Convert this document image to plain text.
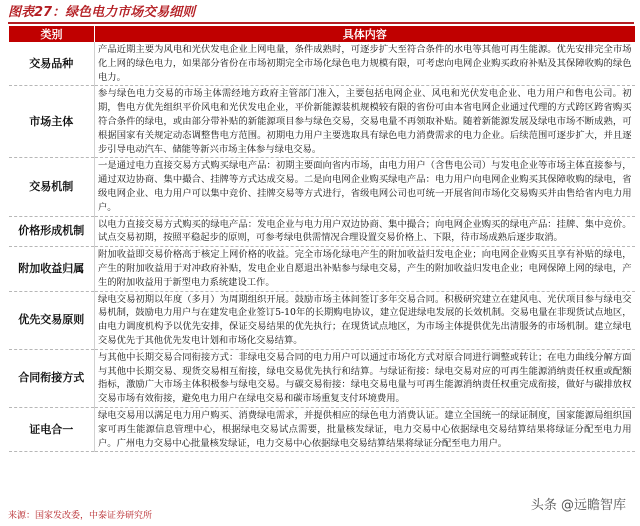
图表27：绿色电力市场交易细则
类别	具体内容
交易品种	产品近期主要为风电和光伏发电企业上网电量，条件成熟时，可逐步扩大至符合条件的水电等其他可再生能源。优先安排完全市场化上网的绿色电力，如果部分省份在市场初期完全市场化绿色电力规模有限，可考虑向电网企业购买政府补贴及其保障收购的绿色电力。
市场主体	参与绿色电力交易的市场主体需经地方政府主管部门准入，主要包括电网企业、风电和光伏发电企业、电力用户和售电公司。初期，售电方优先组织平价风电和光伏发电企业，平价新能源装机规模较有限的省份可由本省电网企业通过代理的方式跨区跨省购买符合条件的绿电，或由部分带补贴的新能源项目参与绿色交易，交易电量不再领取补贴。随着新能源发展及绿电市场不断成熟，可根据国家有关规定动态调整售电方范围。初期电力用户主要选取具有绿色电力消费需求的电力企业。后续范围可逐步扩大，并且逐步引导电动汽车、储能等新兴市场主体参与绿电交易。
交易机制	一是通过电力直接交易方式购买绿电产品：初期主要面向省内市场，由电力用户（含售电公司）与发电企业等市场主体直接参与，通过双边协商、集中撮合、挂牌等方式达成交易。二是向电网企业购买绿电产品：电力用户向电网企业购买其保障收购的绿电，省级电网企业、电力用户可以集中竞价、挂牌交易等方式进行，省级电网公司也可统一开展省间市场化交易购买并由售给省内电力用户。
价格形成机制	以电力直接交易方式购买的绿电产品：发电企业与电力用户双边协商、集中撮合；向电网企业购买的绿电产品：挂牌、集中竞价。试点交易初期，按照平稳起步的原则，可参考绿电供需情况合理设置交易价格上、下限，待市场成熟后逐步取消。
附加收益归属	附加收益即交易价格高于核定上网价格的收益。完全市场化绿电产生的附加收益归发电企业；向电网企业购买且享有补贴的绿电，产生的附加收益用于对冲政府补贴，发电企业自愿退出补贴参与绿电交易，产生的附加收益归发电企业；电网保障上网的绿电，产生的附加收益用于新型电力系统建设工作。
优先交易原则	绿电交易初期以年度（多月）为周期组织开展。鼓励市场主体间签订多年交易合同。积极研究建立在建风电、光伏项目参与绿电交易机制，鼓励电力用户与在建发电企业签订5-10年的长期购电协议，建立促进绿电发展的长效机制。交易电量在非现货试点地区，由电力调度机构予以优先安排，保证交易结果的优先执行；在现货试点地区，为市场主体提供优先出清服务的市场机制。建立绿电交易优先于其他优先发电计划和市场化交易结算。
合同衔接方式	与其他中长期交易合同衔接方式：非绿电交易合同的电力用户可以通过市场化方式对原合同进行调整或转让；在电力曲线分解方面与其他中长期交易、现货交易相互衔接，绿电交易优先执行和结算。与绿证衔接：绿电交易对应的可再生能源消纳责任权重或配额指标，激励广大市场主体积极参与绿电交易。与碳交易衔接：绿电交易电量与可再生能源消纳责任权重完成衔接，做好与碳排放权交易市场有效衔接，避免电力用户在绿电交易和碳市场重复支付环境费用。
证电合一	绿电交易用以满足电力用户购买、消费绿电需求，并提供相应的绿色电力消费认证。建立全国统一的绿证制度，国家能源局组织国家可再生能源信息管理中心，根据绿电交易试点需要，批量核发绿证，电力交易中心依据绿电交易结算结果将绿证分配至电力用户。广州电力交易中心批量核发绿证，电力交易中心依据绿电交易结算结果将绿证分配至电力用户。
来源：国家发改委，中泰证券研究所
头条 @远瞻智库
